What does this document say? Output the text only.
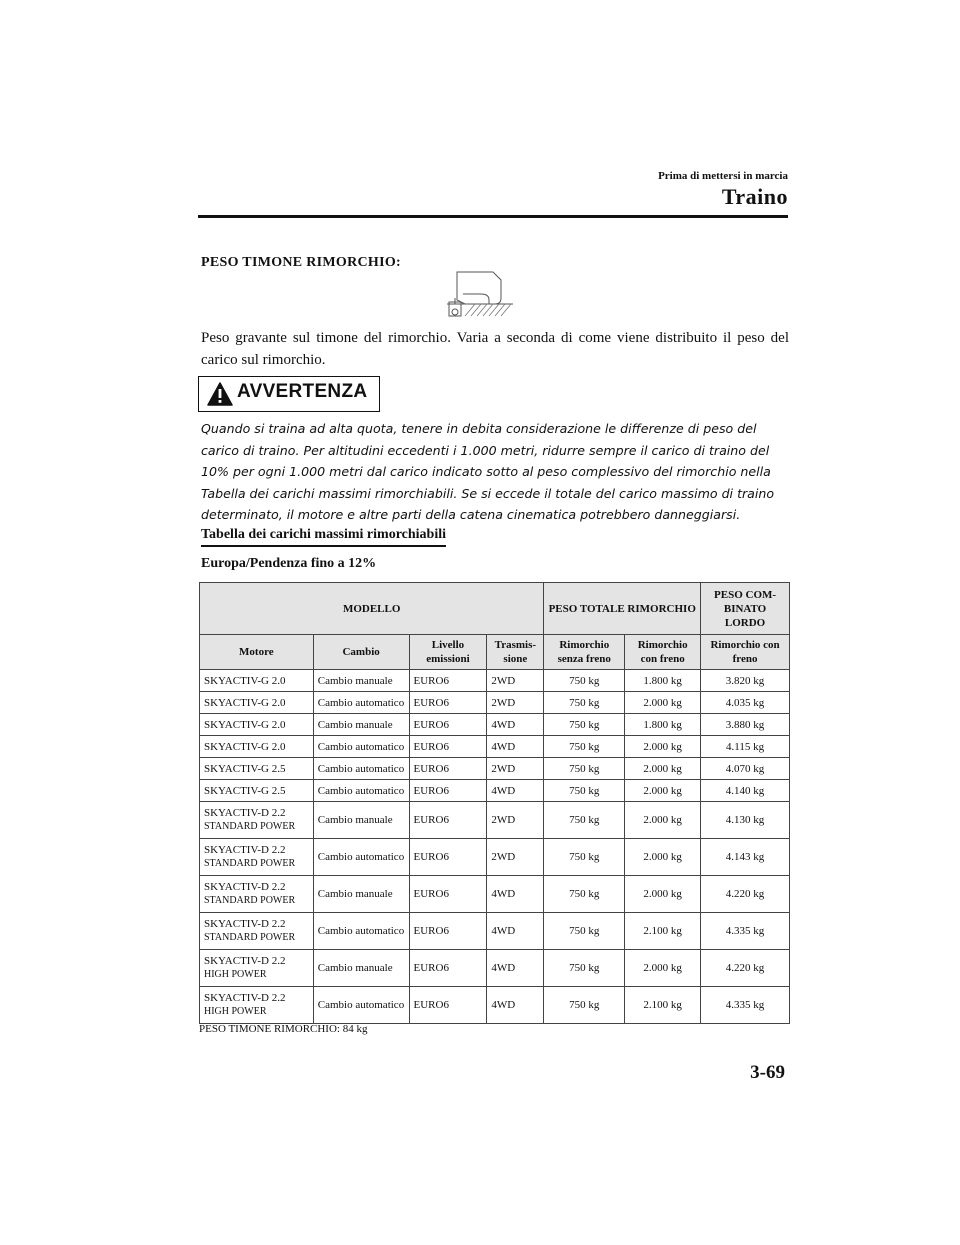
Prima di mettersi in marcia
Traino
PESO TIMONE RIMORCHIO:
Peso gravante sul timone del rimorchio. Varia a seconda di come viene distribuito il peso del carico sul rimorchio.
AVVERTENZA
Quando si traina ad alta quota, tenere in debita considerazione le differenze di peso del carico di traino. Per altitudini eccedenti i 1.000 metri, ridurre sempre il carico di traino del 10% per ogni 1.000 metri dal carico indicato sotto al peso complessivo del rimorchio nella Tabella dei carichi massimi rimorchiabili. Se si eccede il totale del carico massimo di traino determinato, il motore e altre parti della catena cinematica potrebbero danneggiarsi.
Tabella dei carichi massimi rimorchiabili
Europa/Pendenza fino a 12%
MODELLO				PESO TOTALE RIMORCHIO		PESO COM-BINATO LORDO
Motore	Cambio	Livello emissioni	Trasmis-sione	Rimorchio senza freno	Rimorchio con freno	Rimorchio con freno
SKYACTIV-G 2.0	Cambio manuale	EURO6	2WD	750 kg	1.800 kg	3.820 kg
SKYACTIV-G 2.0	Cambio automatico	EURO6	2WD	750 kg	2.000 kg	4.035 kg
SKYACTIV-G 2.0	Cambio manuale	EURO6	4WD	750 kg	1.800 kg	3.880 kg
SKYACTIV-G 2.0	Cambio automatico	EURO6	4WD	750 kg	2.000 kg	4.115 kg
SKYACTIV-G 2.5	Cambio automatico	EURO6	2WD	750 kg	2.000 kg	4.070 kg
SKYACTIV-G 2.5	Cambio automatico	EURO6	4WD	750 kg	2.000 kg	4.140 kg
SKYACTIV-D 2.2
STANDARD POWER	Cambio manuale	EURO6	2WD	750 kg	2.000 kg	4.130 kg
SKYACTIV-D 2.2
STANDARD POWER	Cambio automatico	EURO6	2WD	750 kg	2.000 kg	4.143 kg
SKYACTIV-D 2.2
STANDARD POWER	Cambio manuale	EURO6	4WD	750 kg	2.000 kg	4.220 kg
SKYACTIV-D 2.2
STANDARD POWER	Cambio automatico	EURO6	4WD	750 kg	2.100 kg	4.335 kg
SKYACTIV-D 2.2
HIGH POWER	Cambio manuale	EURO6	4WD	750 kg	2.000 kg	4.220 kg
SKYACTIV-D 2.2
HIGH POWER	Cambio automatico	EURO6	4WD	750 kg	2.100 kg	4.335 kg
PESO TIMONE RIMORCHIO: 84 kg
3-69
